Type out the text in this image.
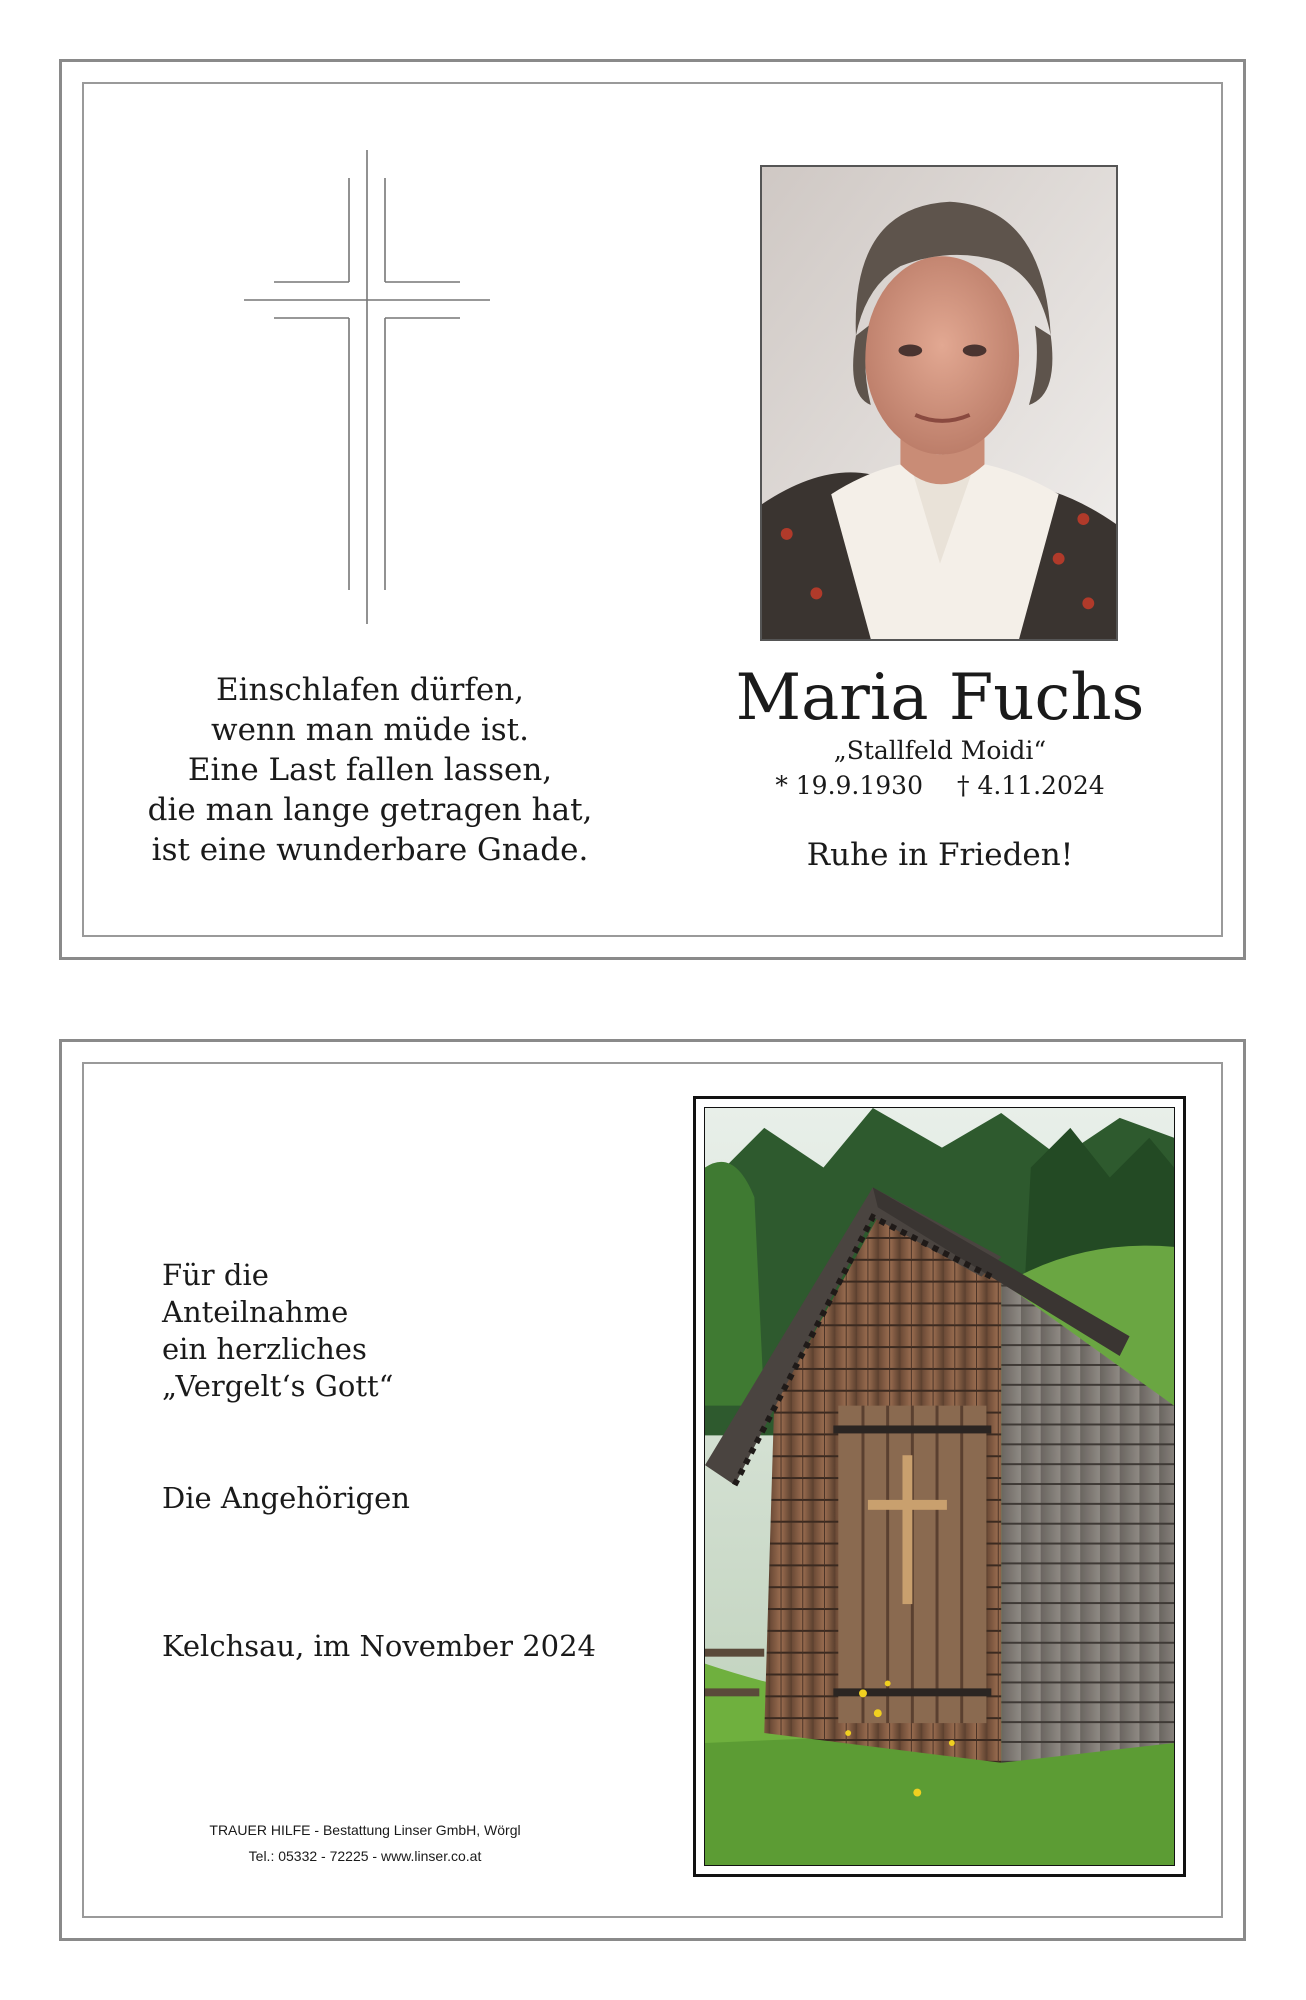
Einschlafen dürfen,
wenn man müde ist.
Eine Last fallen lassen,
die man lange getragen hat,
ist eine wunderbare Gnade.
Maria Fuchs
„Stallfeld Moidi“
* 19.9.1930 † 4.11.2024
Ruhe in Frieden!
Für die
Anteilnahme
ein herzliches
„Vergelt‘s Gott“
Die Angehörigen
Kelchsau, im November 2024
TRAUER HILFE - Bestattung Linser GmbH, Wörgl
Tel.: 05332 - 72225 - www.linser.co.at
